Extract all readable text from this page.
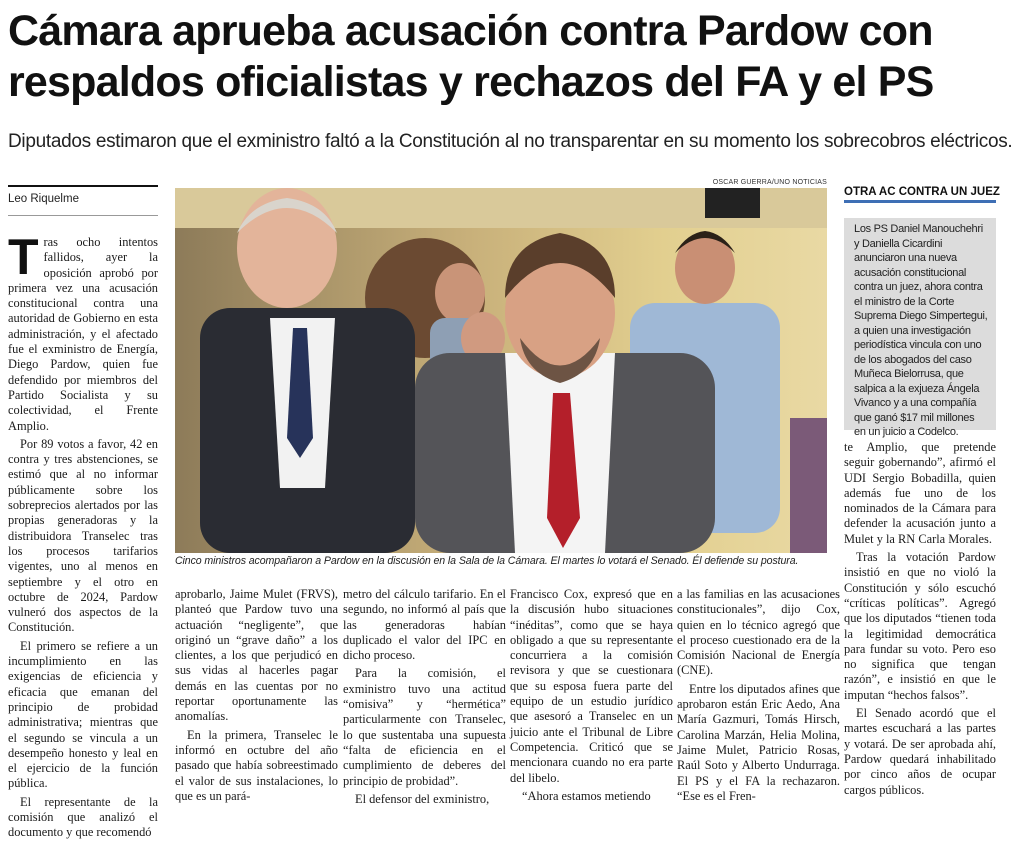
Cámara aprueba acusación contra Pardow con
respaldos oficialistas y rechazos del FA y el PS
Diputados estimaron que el exministro faltó a la Constitución al no transparentar en su momento los sobrecobros eléctricos.
Leo Riquelme

Tras ocho intentos fallidos, ayer la oposición aprobó por primera vez una acusación constitucional contra una autoridad de Gobierno en esta administración, y el afectado fue el exministro de Energía, Diego Pardow, quien fue defendido por miembros del Partido Socialista y su colectividad, el Frente Amplio.

Por 89 votos a favor, 42 en contra y tres abstenciones, se estimó que al no informar públicamente sobre los sobreprecios alertados por las propias generadoras y la distribuidora Transelec tras los procesos tarifarios vigentes, uno al menos en septiembre y el otro en octubre de 2024, Pardow vulneró dos aspectos de la Constitución.

El primero se refiere a un incumplimiento en las exigencias de eficiencia y eficacia que emanan del principio de probidad administrativa; mientras que el segundo se vincula a un desempeño honesto y leal en el ejercicio de la función pública.

El representante de la comisión que analizó el documento y que recomendó

OSCAR GUERRA/UNO NOTICIAS
Cinco ministros acompañaron a Pardow en la discusión en la Sala de la Cámara. El martes lo votará el Senado. Él defiende su postura.

aprobarlo, Jaime Mulet (FRVS), planteó que Pardow tuvo una actuación “negligente”, que originó un “grave daño” a los clientes, a los que perjudicó en sus vidas al hacerles pagar demás en las cuentas por no reportar oportunamente las anomalías.

En la primera, Transelec le informó en octubre del año pasado que había sobreestimado el valor de sus instalaciones, lo que es un pará-

metro del cálculo tarifario. En el segundo, no informó al país que las generadoras habían duplicado el valor del IPC en dicho proceso.

Para la comisión, el exministro tuvo una actitud “omisiva” y “hermética” particularmente con Transelec, lo que sustentaba una supuesta “falta de eficiencia en el cumplimiento de deberes del principio de probidad”.

El defensor del exministro,

Francisco Cox, expresó que en la discusión hubo situaciones “inéditas”, como que se haya obligado a que su representante concurriera a la comisión revisora y que se cuestionara que su esposa fuera parte del equipo de un estudio jurídico que asesoró a Transelec en un juicio ante el Tribunal de Libre Competencia. Criticó que se mencionara cuando no era parte del libelo.

“Ahora estamos metiendo

a las familias en las acusaciones constitucionales”, dijo Cox, quien en lo técnico agregó que el proceso cuestionado era de la Comisión Nacional de Energía (CNE).

Entre los diputados afines que aprobaron están Eric Aedo, Ana María Gazmuri, Tomás Hirsch, Carolina Marzán, Helia Molina, Jaime Mulet, Patricio Rosas, Raúl Soto y Alberto Undurraga. El PS y el FA la rechazaron. “Ese es el Fren-

te Amplio, que pretende seguir gobernando”, afirmó el UDI Sergio Bobadilla, quien además fue uno de los nominados de la Cámara para defender la acusación junto a Mulet y la RN Carla Morales.

Tras la votación Pardow insistió en que no violó la Constitución y sólo escuchó “críticas políticas”. Agregó que los diputados “tienen toda la legitimidad democrática para fundar su voto. Pero eso no significa que tengan razón”, e insistió en que le imputan “hechos falsos”.

El Senado acordó que el martes escuchará a las partes y votará. De ser aprobada ahí, Pardow quedará inhabilitado por cinco años de ocupar cargos públicos.

OTRA AC CONTRA UN JUEZ

Los PS Daniel Manouchehri y Daniella Cicardini anunciaron una nueva acusación constitucional contra un juez, ahora contra el ministro de la Corte Suprema Diego Simpertegui, a quien una investigación periodística vincula con uno de los abogados del caso Muñeca Bielorrusa, que salpica a la exjueza Ángela Vivanco y a una compañía que ganó $17 mil millones en un juicio a Codelco.
